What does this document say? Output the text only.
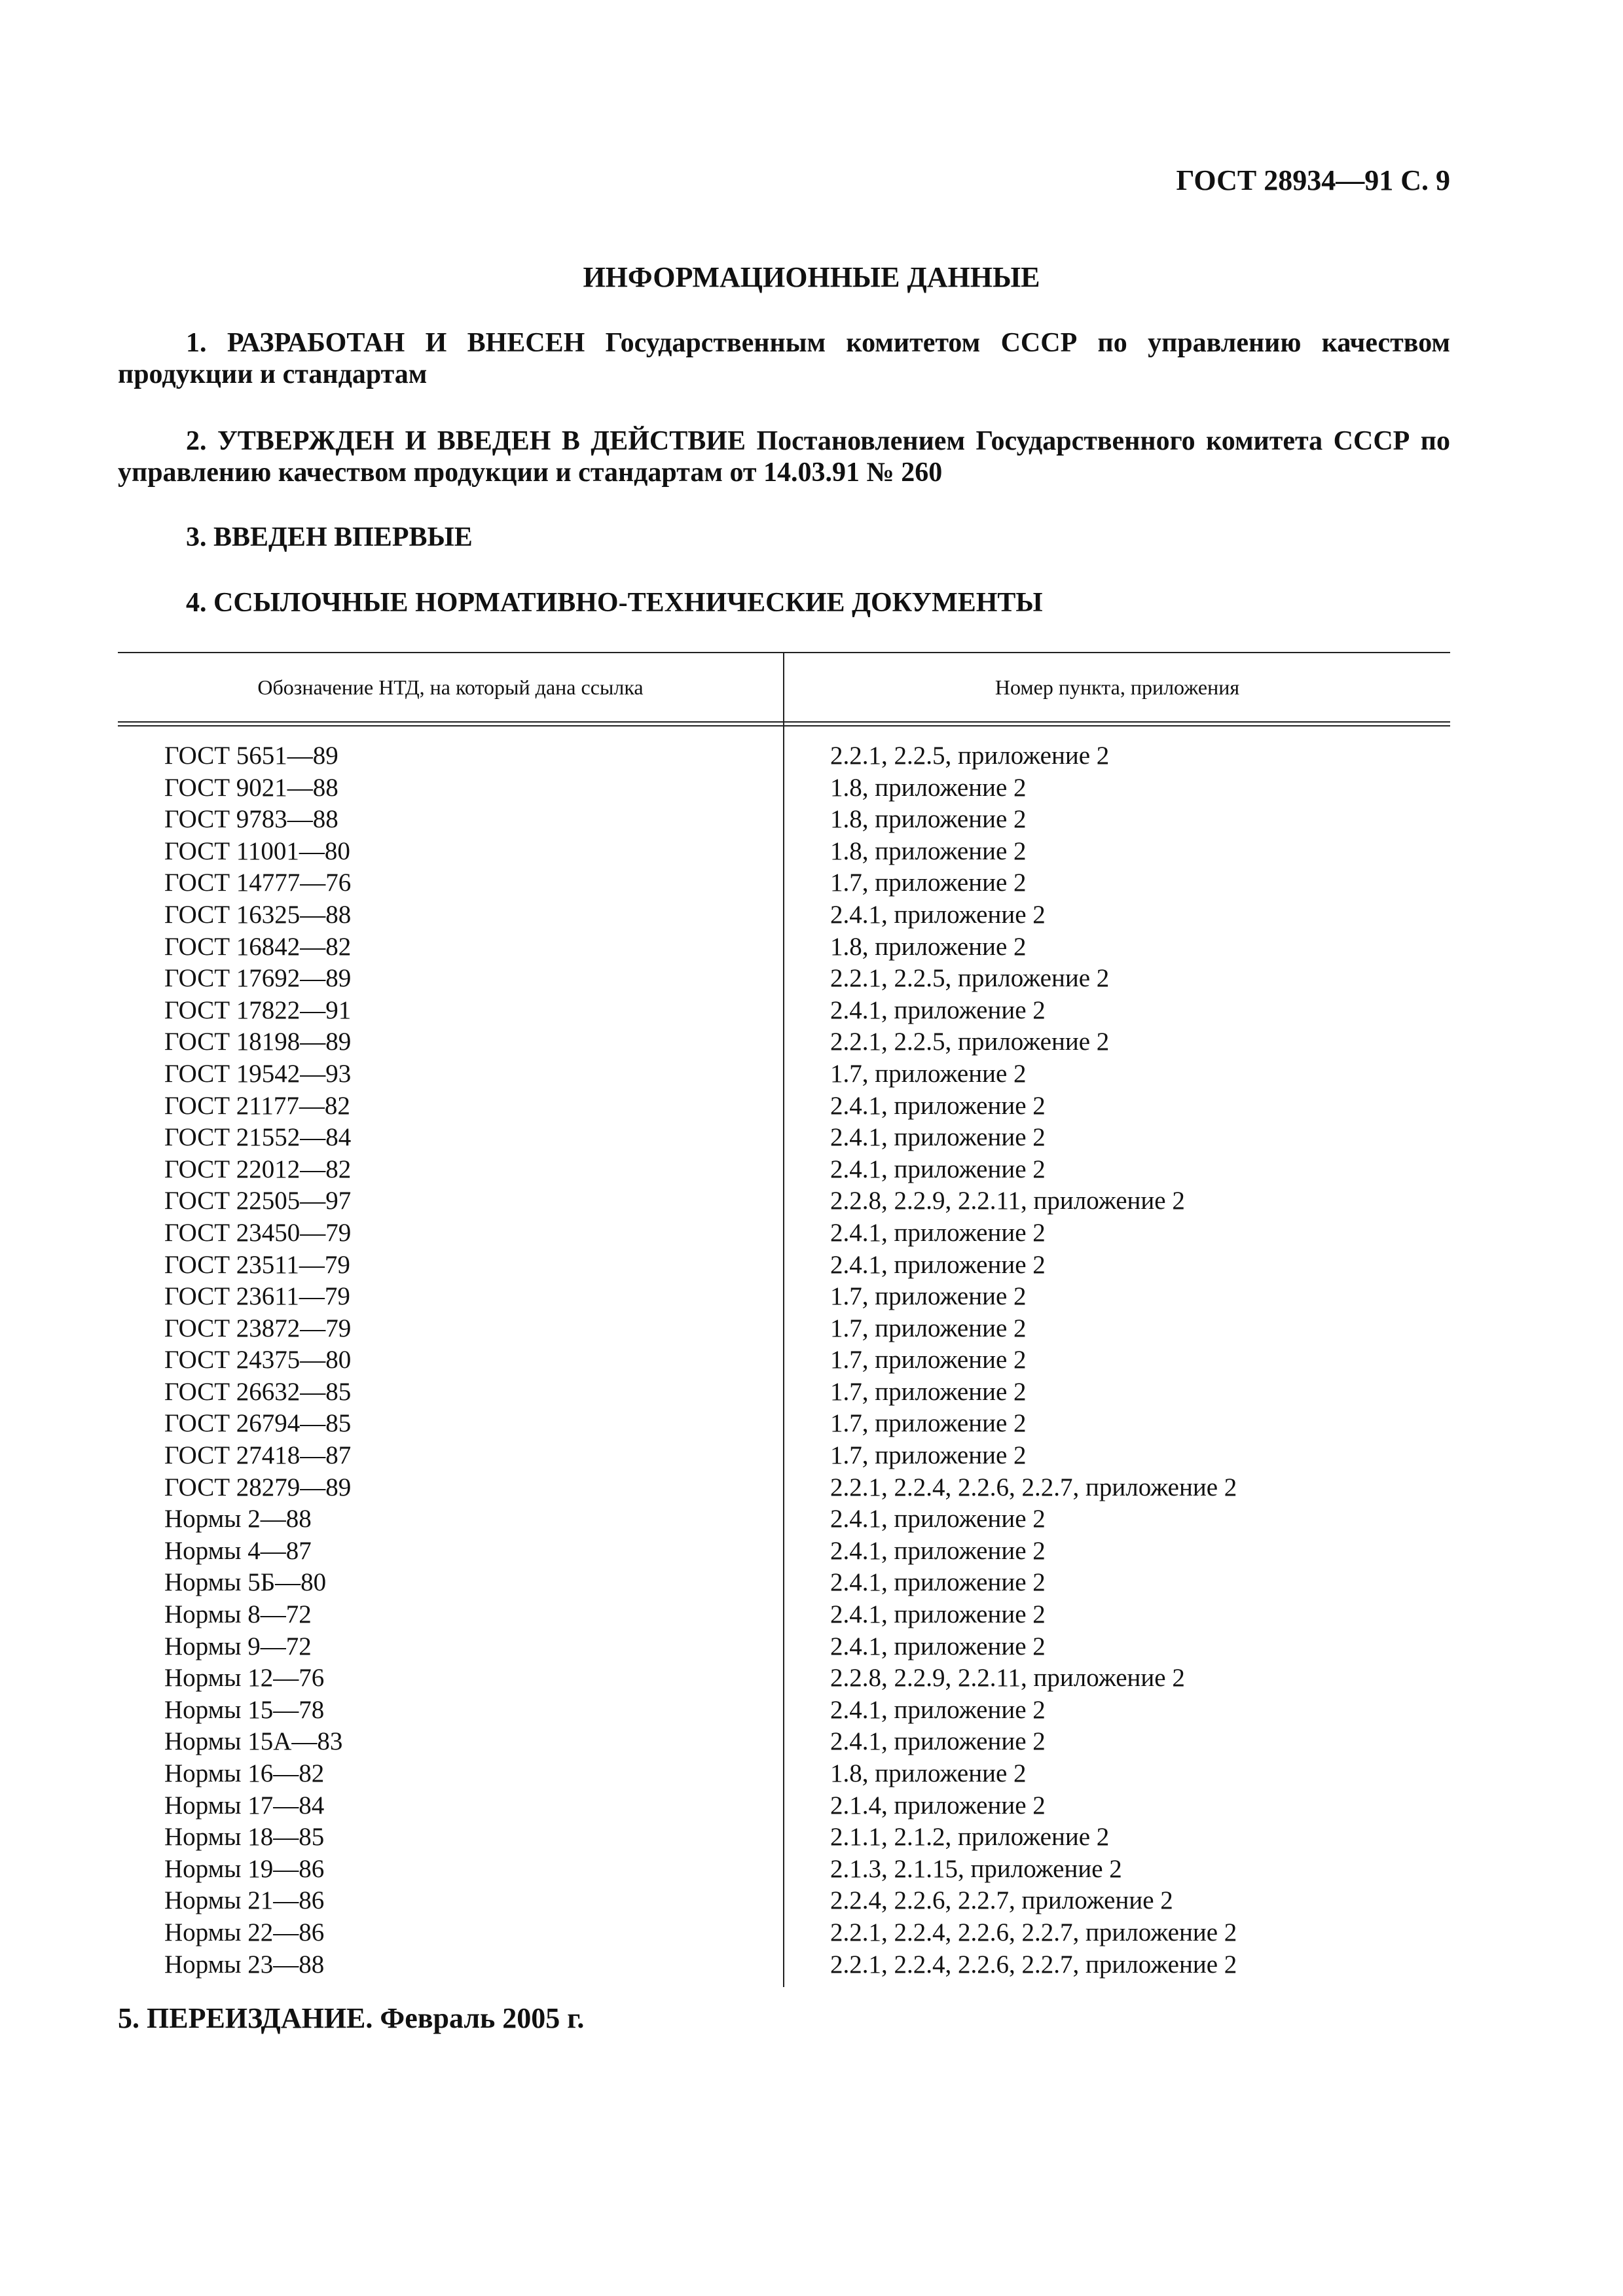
ГОСТ 28934—91 С. 9
ИНФОРМАЦИОННЫЕ ДАННЫЕ
1. РАЗРАБОТАН И ВНЕСЕН Государственным комитетом СССР по управлению качеством продукции и стандартам
2. УТВЕРЖДЕН И ВВЕДЕН В ДЕЙСТВИЕ Постановлением Государственного комитета СССР по управлению качеством продукции и стандартам от 14.03.91 № 260
3. ВВЕДЕН ВПЕРВЫЕ
4. ССЫЛОЧНЫЕ НОРМАТИВНО-ТЕХНИЧЕСКИЕ ДОКУМЕНТЫ
Обозначение НТД, на который дана ссылка	Номер пункта, приложения
ГОСТ 5651—89	2.2.1, 2.2.5, приложение 2
ГОСТ 9021—88	1.8, приложение 2
ГОСТ 9783—88	1.8, приложение 2
ГОСТ 11001—80	1.8, приложение 2
ГОСТ 14777—76	1.7, приложение 2
ГОСТ 16325—88	2.4.1, приложение 2
ГОСТ 16842—82	1.8, приложение 2
ГОСТ 17692—89	2.2.1, 2.2.5, приложение 2
ГОСТ 17822—91	2.4.1, приложение 2
ГОСТ 18198—89	2.2.1, 2.2.5, приложение 2
ГОСТ 19542—93	1.7, приложение 2
ГОСТ 21177—82	2.4.1, приложение 2
ГОСТ 21552—84	2.4.1, приложение 2
ГОСТ 22012—82	2.4.1, приложение 2
ГОСТ 22505—97	2.2.8, 2.2.9, 2.2.11, приложение 2
ГОСТ 23450—79	2.4.1, приложение 2
ГОСТ 23511—79	2.4.1, приложение 2
ГОСТ 23611—79	1.7, приложение 2
ГОСТ 23872—79	1.7, приложение 2
ГОСТ 24375—80	1.7, приложение 2
ГОСТ 26632—85	1.7, приложение 2
ГОСТ 26794—85	1.7, приложение 2
ГОСТ 27418—87	1.7, приложение 2
ГОСТ 28279—89	2.2.1, 2.2.4, 2.2.6, 2.2.7, приложение 2
Нормы 2—88	2.4.1, приложение 2
Нормы 4—87	2.4.1, приложение 2
Нормы 5Б—80	2.4.1, приложение 2
Нормы 8—72	2.4.1, приложение 2
Нормы 9—72	2.4.1, приложение 2
Нормы 12—76	2.2.8, 2.2.9, 2.2.11, приложение 2
Нормы 15—78	2.4.1, приложение 2
Нормы 15А—83	2.4.1, приложение 2
Нормы 16—82	1.8, приложение 2
Нормы 17—84	2.1.4, приложение 2
Нормы 18—85	2.1.1, 2.1.2, приложение 2
Нормы 19—86	2.1.3, 2.1.15, приложение 2
Нормы 21—86	2.2.4, 2.2.6, 2.2.7, приложение 2
Нормы 22—86	2.2.1, 2.2.4, 2.2.6, 2.2.7, приложение 2
Нормы 23—88	2.2.1, 2.2.4, 2.2.6, 2.2.7, приложение 2
5. ПЕРЕИЗДАНИЕ. Февраль 2005 г.
